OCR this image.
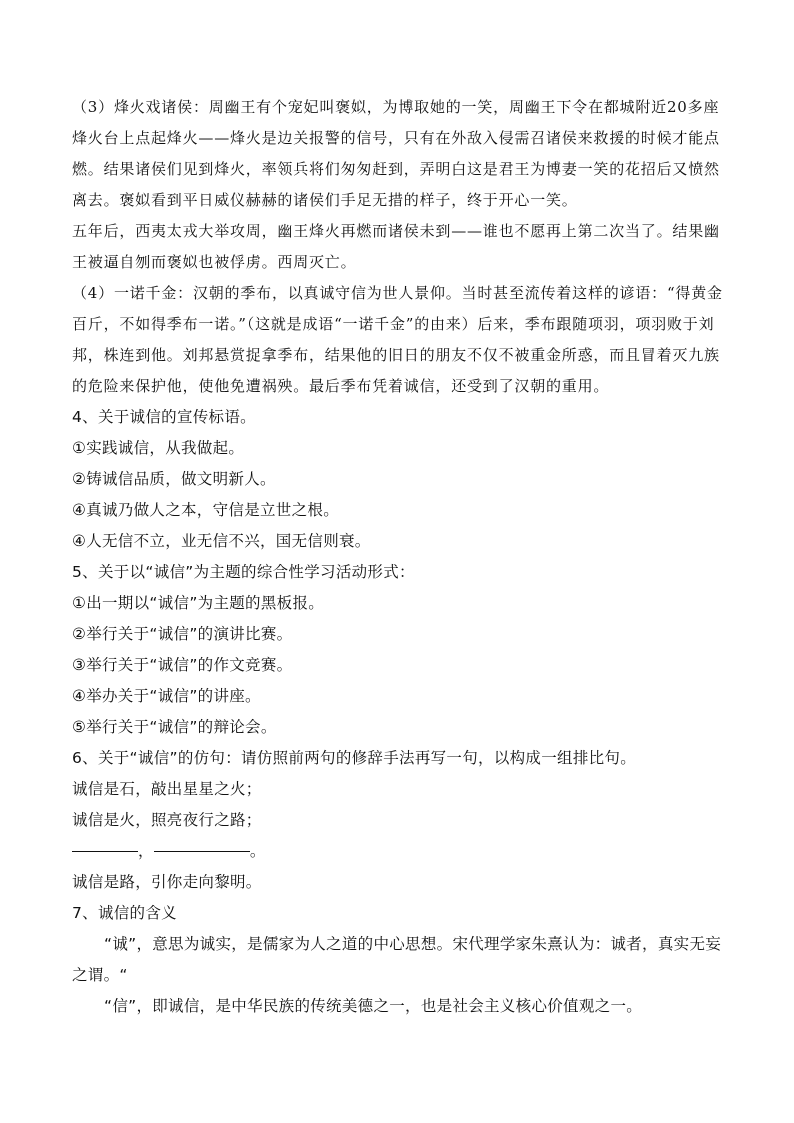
（3）烽火戏诸侯：周幽王有个宠妃叫褒姒，为博取她的一笑，周幽王下令在都城附近20多座烽火台上点起烽火——烽火是边关报警的信号，只有在外敌入侵需召诸侯来救援的时候才能点燃。结果诸侯们见到烽火，率领兵将们匆匆赶到，弄明白这是君王为博妻一笑的花招后又愤然离去。褒姒看到平日威仪赫赫的诸侯们手足无措的样子，终于开心一笑。

五年后，西夷太戎大举攻周，幽王烽火再燃而诸侯未到——谁也不愿再上第二次当了。结果幽王被逼自刎而褒姒也被俘虏。西周灭亡。

（4）一诺千金：汉朝的季布，以真诚守信为世人景仰。当时甚至流传着这样的谚语：“得黄金百斤，不如得季布一诺。”（这就是成语“一诺千金”的由来）后来，季布跟随项羽，项羽败于刘邦，株连到他。刘邦悬赏捉拿季布，结果他的旧日的朋友不仅不被重金所惑，而且冒着灭九族的危险来保护他，使他免遭祸殃。最后季布凭着诚信，还受到了汉朝的重用。

4、关于诚信的宣传标语。

①实践诚信，从我做起。

②铸诚信品质，做文明新人。

④真诚乃做人之本，守信是立世之根。

④人无信不立，业无信不兴，国无信则衰。

5、关于以“诚信”为主题的综合性学习活动形式：

①出一期以“诚信”为主题的黑板报。

②举行关于“诚信”的演讲比赛。

③举行关于“诚信”的作文竞赛。

④举办关于“诚信”的讲座。

⑤举行关于“诚信”的辩论会。

6、关于“诚信”的仿句：请仿照前两句的修辞手法再写一句，以构成一组排比句。

诚信是石，敲出星星之火；

诚信是火，照亮夜行之路；

，	。

诚信是路，引你走向黎明。

7、诚信的含义

“诚”，意思为诚实，是儒家为人之道的中心思想。宋代理学家朱熹认为：诚者，真实无妄之谓。“

“信”，即诚信，是中华民族的传统美德之一，也是社会主义核心价值观之一。
